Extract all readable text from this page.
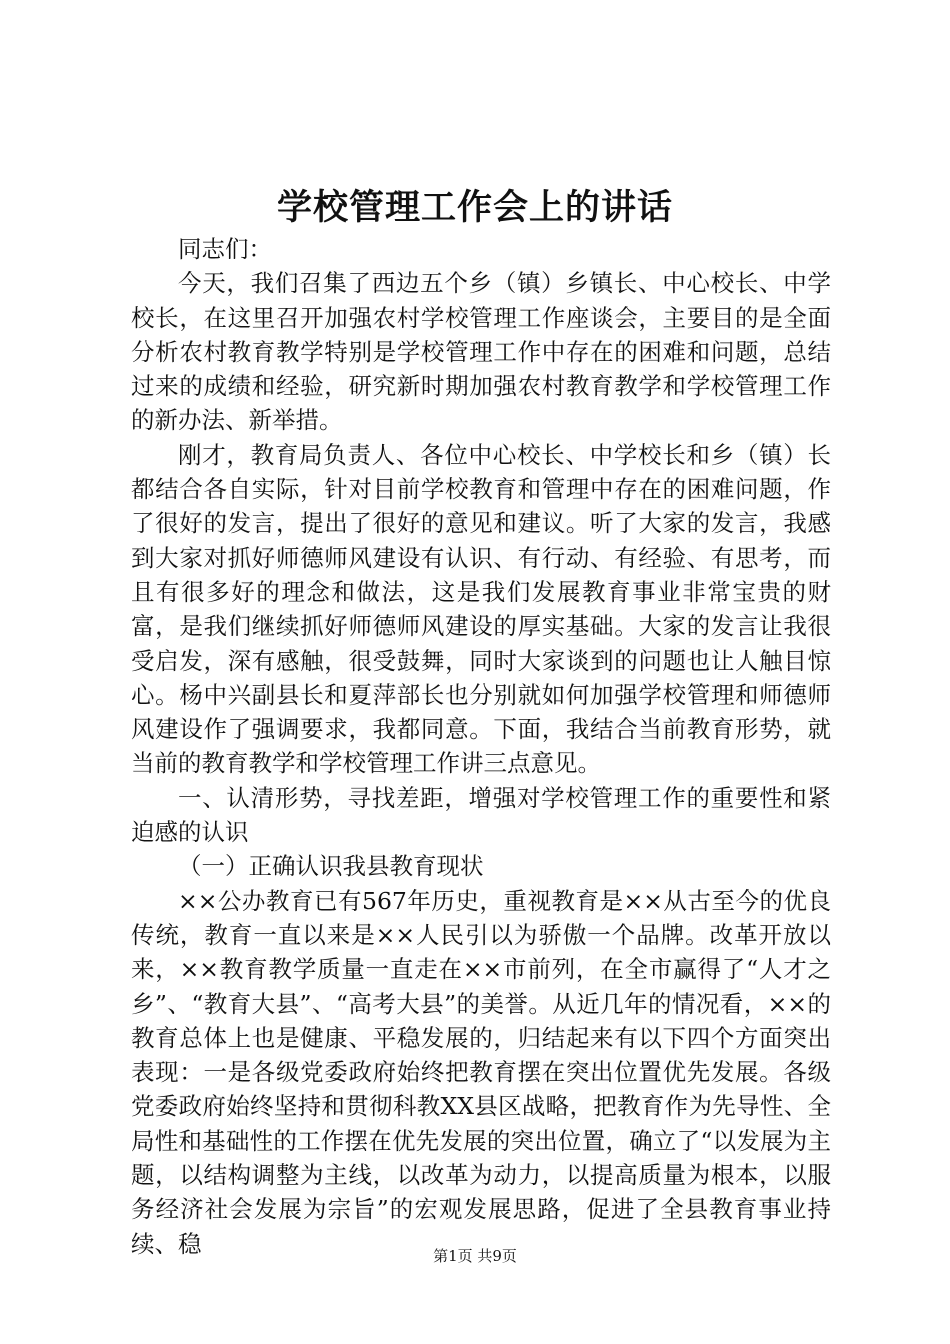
学校管理工作会上的讲话

同志们：

今天，我们召集了西边五个乡（镇）乡镇长、中心校长、中学校长，在这里召开加强农村学校管理工作座谈会，主要目的是全面分析农村教育教学特别是学校管理工作中存在的困难和问题，总结过来的成绩和经验，研究新时期加强农村教育教学和学校管理工作的新办法、新举措。

刚才，教育局负责人、各位中心校长、中学校长和乡（镇）长都结合各自实际，针对目前学校教育和管理中存在的困难问题，作了很好的发言，提出了很好的意见和建议。听了大家的发言，我感到大家对抓好师德师风建设有认识、有行动、有经验、有思考，而且有很多好的理念和做法，这是我们发展教育事业非常宝贵的财富，是我们继续抓好师德师风建设的厚实基础。大家的发言让我很受启发，深有感触，很受鼓舞，同时大家谈到的问题也让人触目惊心。杨中兴副县长和夏萍部长也分别就如何加强学校管理和师德师风建设作了强调要求，我都同意。下面，我结合当前教育形势，就当前的教育教学和学校管理工作讲三点意见。

一、认清形势，寻找差距，增强对学校管理工作的重要性和紧迫感的认识

（一）正确认识我县教育现状

××公办教育已有567年历史，重视教育是××从古至今的优良传统，教育一直以来是××人民引以为骄傲一个品牌。改革开放以来，××教育教学质量一直走在××市前列，在全市赢得了“人才之乡”、“教育大县”、“高考大县”的美誉。从近几年的情况看，××的教育总体上也是健康、平稳发展的，归结起来有以下四个方面突出表现：一是各级党委政府始终把教育摆在突出位置优先发展。各级党委政府始终坚持和贯彻科教XX县区战略，把教育作为先导性、全局性和基础性的工作摆在优先发展的突出位置，确立了“以发展为主题，以结构调整为主线，以改革为动力，以提高质量为根本，以服务经济社会发展为宗旨”的宏观发展思路，促进了全县教育事业持续、稳	第1页 共9页
